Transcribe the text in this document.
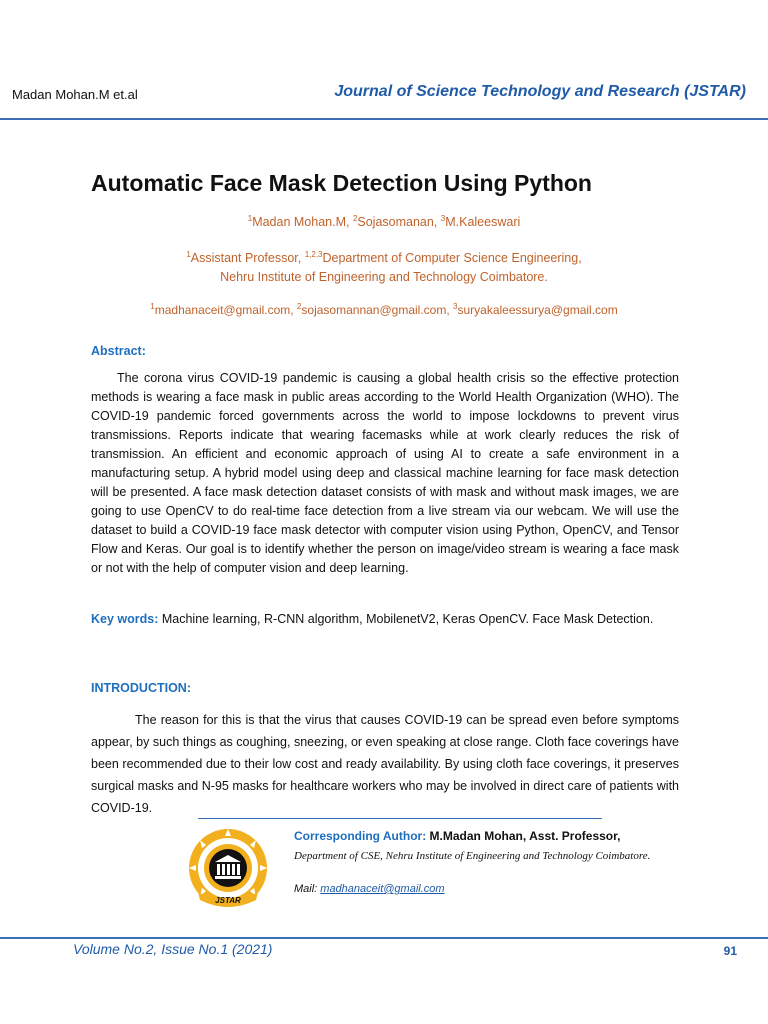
Madan Mohan.M et.al	Journal of Science Technology and Research (JSTAR)
Automatic Face Mask Detection Using Python
$^1$Madan Mohan.M, $^2$Sojasomanan, $^3$M.Kaleeswari
$^1$Assistant Professor, $^{1,2,3}$Department of Computer Science Engineering,
Nehru Institute of Engineering and Technology Coimbatore.
$^1$madhanaceit@gmail.com, $^2$sojasomannan@gmail.com, $^3$suryakaleessurya@gmail.com
Abstract:
The corona virus COVID-19 pandemic is causing a global health crisis so the effective protection methods is wearing a face mask in public areas according to the World Health Organization (WHO). The COVID-19 pandemic forced governments across the world to impose lockdowns to prevent virus transmissions. Reports indicate that wearing facemasks while at work clearly reduces the risk of transmission. An efficient and economic approach of using AI to create a safe environment in a manufacturing setup. A hybrid model using deep and classical machine learning for face mask detection will be presented. A face mask detection dataset consists of with mask and without mask images, we are going to use OpenCV to do real-time face detection from a live stream via our webcam. We will use the dataset to build a COVID-19 face mask detector with computer vision using Python, OpenCV, and Tensor Flow and Keras. Our goal is to identify whether the person on image/video stream is wearing a face mask or not with the help of computer vision and deep learning.
Key words: Machine learning, R-CNN algorithm, MobilenetV2, Keras OpenCV. Face Mask Detection.
INTRODUCTION:
The reason for this is that the virus that causes COVID-19 can be spread even before symptoms appear, by such things as coughing, sneezing, or even speaking at close range. Cloth face coverings have been recommended due to their low cost and ready availability. By using cloth face coverings, it preserves surgical masks and N-95 masks for healthcare workers who may be involved in direct care of patients with COVID-19.
JSTAR
Corresponding Author: M.Madan Mohan, Asst. Professor,
Department of CSE, Nehru Institute of Engineering and Technology Coimbatore.
Mail: madhanaceit@gmail.com
Volume No.2, Issue No.1 (2021)	91
